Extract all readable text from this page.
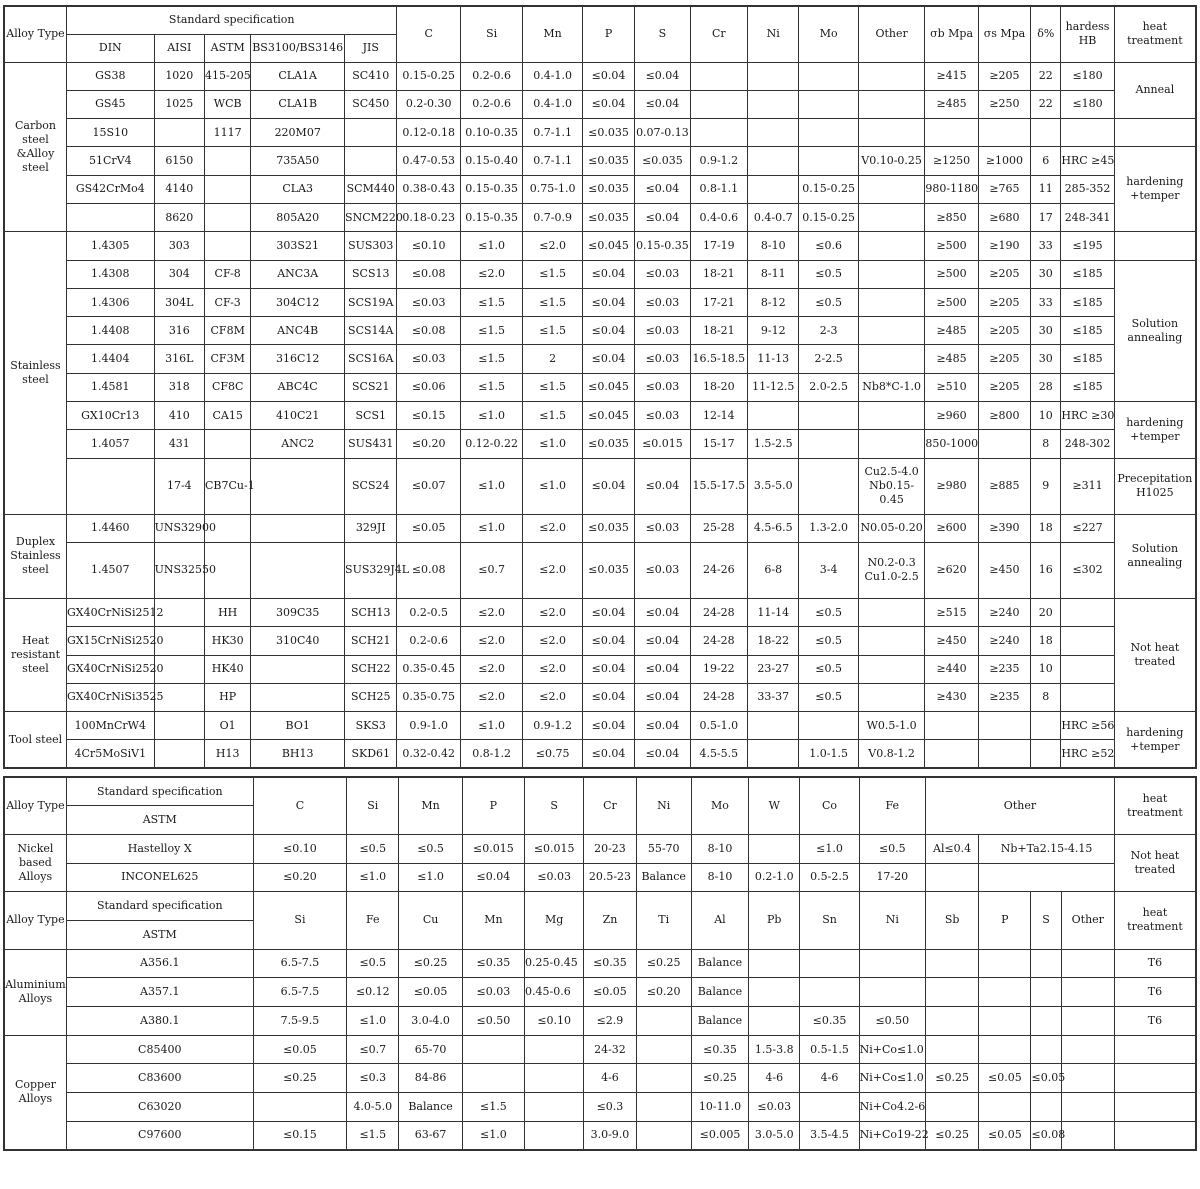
Alloy Type	Standard specification					C	Si	Mn	P	S	Cr	Ni	Mo	Other	σb Mpa	σs Mpa	δ%	hardess HB	heat treatment
	DIN	AISI	ASTM	BS3100/BS3146	JIS														
Carbon steel &Alloy steel	GS38	1020	415-205	CLA1A	SC410	0.15-0.25	0.2-0.6	0.4-1.0	≤0.04	≤0.04					≥415	≥205	22	≤180	Anneal
	GS45	1025	WCB	CLA1B	SC450	0.2-0.30	0.2-0.6	0.4-1.0	≤0.04	≤0.04					≥485	≥250	22	≤180	
	15S10		1117	220M07		0.12-0.18	0.10-0.35	0.7-1.1	≤0.035	0.07-0.13									
	51CrV4	6150		735A50		0.47-0.53	0.15-0.40	0.7-1.1	≤0.035	≤0.035	0.9-1.2			V0.10-0.25	≥1250	≥1000	6	HRC ≥45	hardening +temper
	GS42CrMo4	4140		CLA3	SCM440	0.38-0.43	0.15-0.35	0.75-1.0	≤0.035	≤0.04	0.8-1.1		0.15-0.25		980-1180	≥765	11	285-352	
		8620		805A20	SNCM220	0.18-0.23	0.15-0.35	0.7-0.9	≤0.035	≤0.04	0.4-0.6	0.4-0.7	0.15-0.25		≥850	≥680	17	248-341	
Stainless steel	1.4305	303		303S21	SUS303	≤0.10	≤1.0	≤2.0	≤0.045	0.15-0.35	17-19	8-10	≤0.6		≥500	≥190	33	≤195	
	1.4308	304	CF-8	ANC3A	SCS13	≤0.08	≤2.0	≤1.5	≤0.04	≤0.03	18-21	8-11	≤0.5		≥500	≥205	30	≤185	Solution annealing
	1.4306	304L	CF-3	304C12	SCS19A	≤0.03	≤1.5	≤1.5	≤0.04	≤0.03	17-21	8-12	≤0.5		≥500	≥205	33	≤185	
	1.4408	316	CF8M	ANC4B	SCS14A	≤0.08	≤1.5	≤1.5	≤0.04	≤0.03	18-21	9-12	2-3		≥485	≥205	30	≤185	
	1.4404	316L	CF3M	316C12	SCS16A	≤0.03	≤1.5	2	≤0.04	≤0.03	16.5-18.5	11-13	2-2.5		≥485	≥205	30	≤185	
	1.4581	318	CF8C	ABC4C	SCS21	≤0.06	≤1.5	≤1.5	≤0.045	≤0.03	18-20	11-12.5	2.0-2.5	Nb8*C-1.0	≥510	≥205	28	≤185	
	GX10Cr13	410	CA15	410C21	SCS1	≤0.15	≤1.0	≤1.5	≤0.045	≤0.03	12-14				≥960	≥800	10	HRC ≥30	hardening +temper
	1.4057	431		ANC2	SUS431	≤0.20	0.12-0.22	≤1.0	≤0.035	≤0.015	15-17	1.5-2.5			850-1000		8	248-302	
		17-4	CB7Cu-1		SCS24	≤0.07	≤1.0	≤1.0	≤0.04	≤0.04	15.5-17.5	3.5-5.0		Cu2.5-4.0 Nb0.15-0.45	≥980	≥885	9	≥311	Precepitation H1025
Duplex Stainless steel	1.4460	UNS32900			329JI	≤0.05	≤1.0	≤2.0	≤0.035	≤0.03	25-28	4.5-6.5	1.3-2.0	N0.05-0.20	≥600	≥390	18	≤227	Solution annealing
	1.4507	UNS32550			SUS329J4L	≤0.08	≤0.7	≤2.0	≤0.035	≤0.03	24-26	6-8	3-4	N0.2-0.3 Cu1.0-2.5	≥620	≥450	16	≤302	
Heat resistant steel	GX40CrNiSi2512		HH	309C35	SCH13	0.2-0.5	≤2.0	≤2.0	≤0.04	≤0.04	24-28	11-14	≤0.5		≥515	≥240	20		Not heat treated
	GX15CrNiSi2520		HK30	310C40	SCH21	0.2-0.6	≤2.0	≤2.0	≤0.04	≤0.04	24-28	18-22	≤0.5		≥450	≥240	18		
	GX40CrNiSi2520		HK40		SCH22	0.35-0.45	≤2.0	≤2.0	≤0.04	≤0.04	19-22	23-27	≤0.5		≥440	≥235	10		
	GX40CrNiSi3525		HP		SCH25	0.35-0.75	≤2.0	≤2.0	≤0.04	≤0.04	24-28	33-37	≤0.5		≥430	≥235	8		
Tool steel	100MnCrW4		O1	BO1	SKS3	0.9-1.0	≤1.0	0.9-1.2	≤0.04	≤0.04	0.5-1.0			W0.5-1.0				HRC ≥56	hardening +temper
	4Cr5MoSiV1		H13	BH13	SKD61	0.32-0.42	0.8-1.2	≤0.75	≤0.04	≤0.04	4.5-5.5		1.0-1.5	V0.8-1.2				HRC ≥52	
Alloy Type	Standard specification	C	Si	Mn	P	S	Cr	Ni	Mo	W	Co	Fe	Other				heat treatment
	ASTM																
Nickel based Alloys	Hastelloy X	≤0.10	≤0.5	≤0.5	≤0.015	≤0.015	20-23	55-70	8-10		≤1.0	≤0.5	Al≤0.4	Nb+Ta2.15-4.15			Not heat treated
	INCONEL625	≤0.20	≤1.0	≤1.0	≤0.04	≤0.03	20.5-23	Balance	8-10	0.2-1.0	0.5-2.5	17-20					
Alloy Type	Standard specification	Si	Fe	Cu	Mn	Mg	Zn	Ti	Al	Pb	Sn	Ni	Sb	P	S	Other	heat treatment
	ASTM																
Aluminium Alloys	A356.1	6.5-7.5	≤0.5	≤0.25	≤0.35	0.25-0.45	≤0.35	≤0.25	Balance								T6
	A357.1	6.5-7.5	≤0.12	≤0.05	≤0.03	0.45-0.6	≤0.05	≤0.20	Balance								T6
	A380.1	7.5-9.5	≤1.0	3.0-4.0	≤0.50	≤0.10	≤2.9		Balance		≤0.35	≤0.50					T6
Copper Alloys	C85400	≤0.05	≤0.7	65-70			24-32		≤0.35	1.5-3.8	0.5-1.5	Ni+Co≤1.0					
	C83600	≤0.25	≤0.3	84-86			4-6		≤0.25	4-6	4-6	Ni+Co≤1.0	≤0.25	≤0.05	≤0.05		
	C63020		4.0-5.0	Balance	≤1.5		≤0.3		10-11.0	≤0.03		Ni+Co4.2-6					
	C97600	≤0.15	≤1.5	63-67	≤1.0		3.0-9.0		≤0.005	3.0-5.0	3.5-4.5	Ni+Co19-22	≤0.25	≤0.05	≤0.08		
